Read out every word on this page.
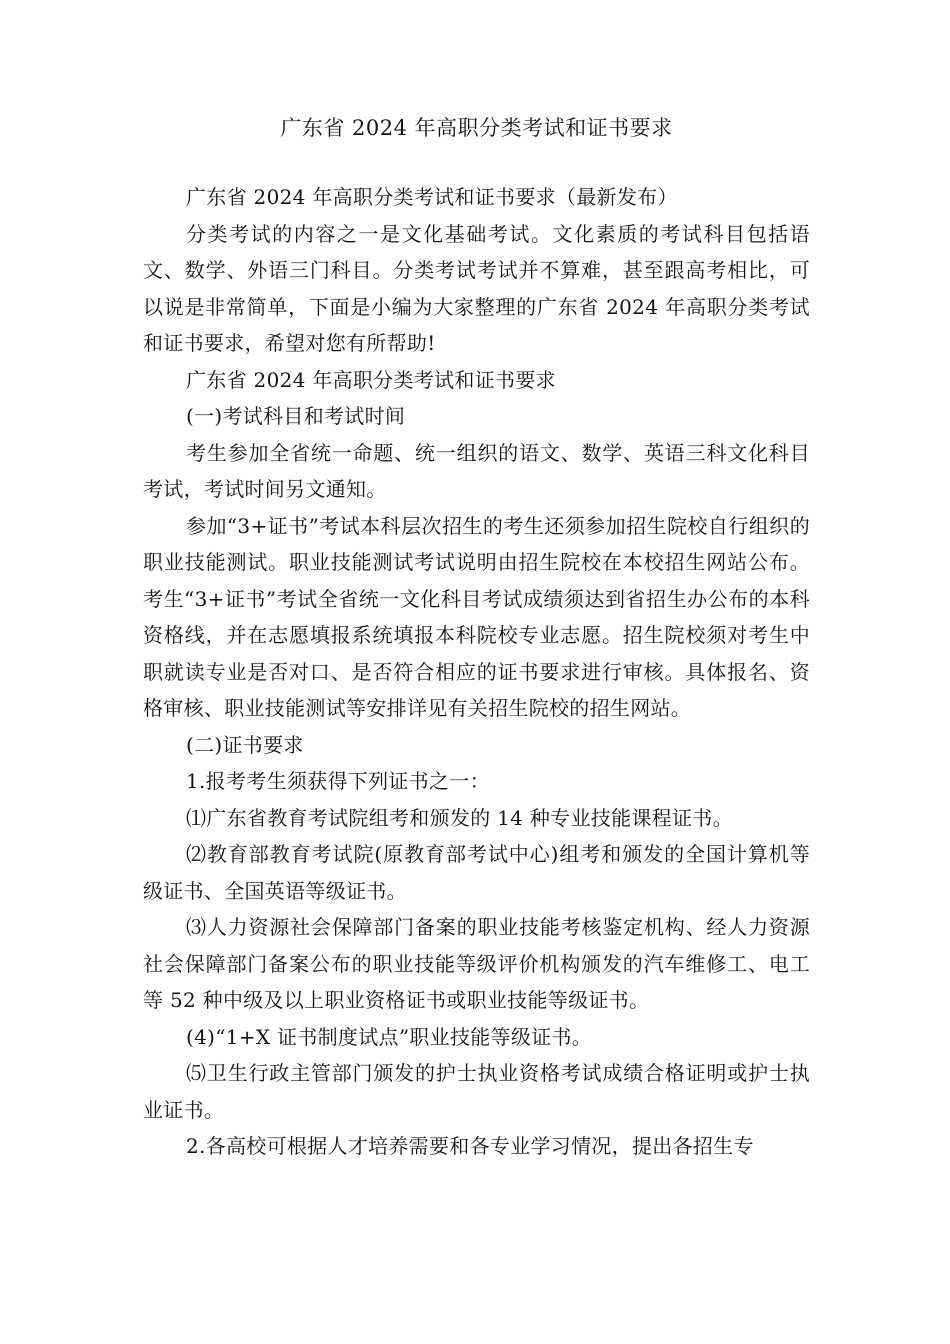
广东省 2024 年高职分类考试和证书要求

广东省 2024 年高职分类考试和证书要求（最新发布）

分类考试的内容之一是文化基础考试。文化素质的考试科目包括语文、数学、外语三门科目。分类考试考试并不算难，甚至跟高考相比，可以说是非常简单，下面是小编为大家整理的广东省 2024 年高职分类考试和证书要求，希望对您有所帮助!

广东省 2024 年高职分类考试和证书要求

(一)考试科目和考试时间

考生参加全省统一命题、统一组织的语文、数学、英语三科文化科目考试，考试时间另文通知。

参加“3+证书”考试本科层次招生的考生还须参加招生院校自行组织的职业技能测试。职业技能测试考试说明由招生院校在本校招生网站公布。考生“3+证书”考试全省统一文化科目考试成绩须达到省招生办公布的本科资格线，并在志愿填报系统填报本科院校专业志愿。招生院校须对考生中职就读专业是否对口、是否符合相应的证书要求进行审核。具体报名、资格审核、职业技能测试等安排详见有关招生院校的招生网站。

(二)证书要求

1.报考考生须获得下列证书之一：

⑴广东省教育考试院组考和颁发的 14 种专业技能课程证书。

⑵教育部教育考试院(原教育部考试中心)组考和颁发的全国计算机等级证书、全国英语等级证书。

⑶人力资源社会保障部门备案的职业技能考核鉴定机构、经人力资源社会保障部门备案公布的职业技能等级评价机构颁发的汽车维修工、电工等 52 种中级及以上职业资格证书或职业技能等级证书。

(4)“1+X 证书制度试点”职业技能等级证书。

⑸卫生行政主管部门颁发的护士执业资格考试成绩合格证明或护士执业证书。

2.各高校可根据人才培养需要和各专业学习情况，提出各招生专
